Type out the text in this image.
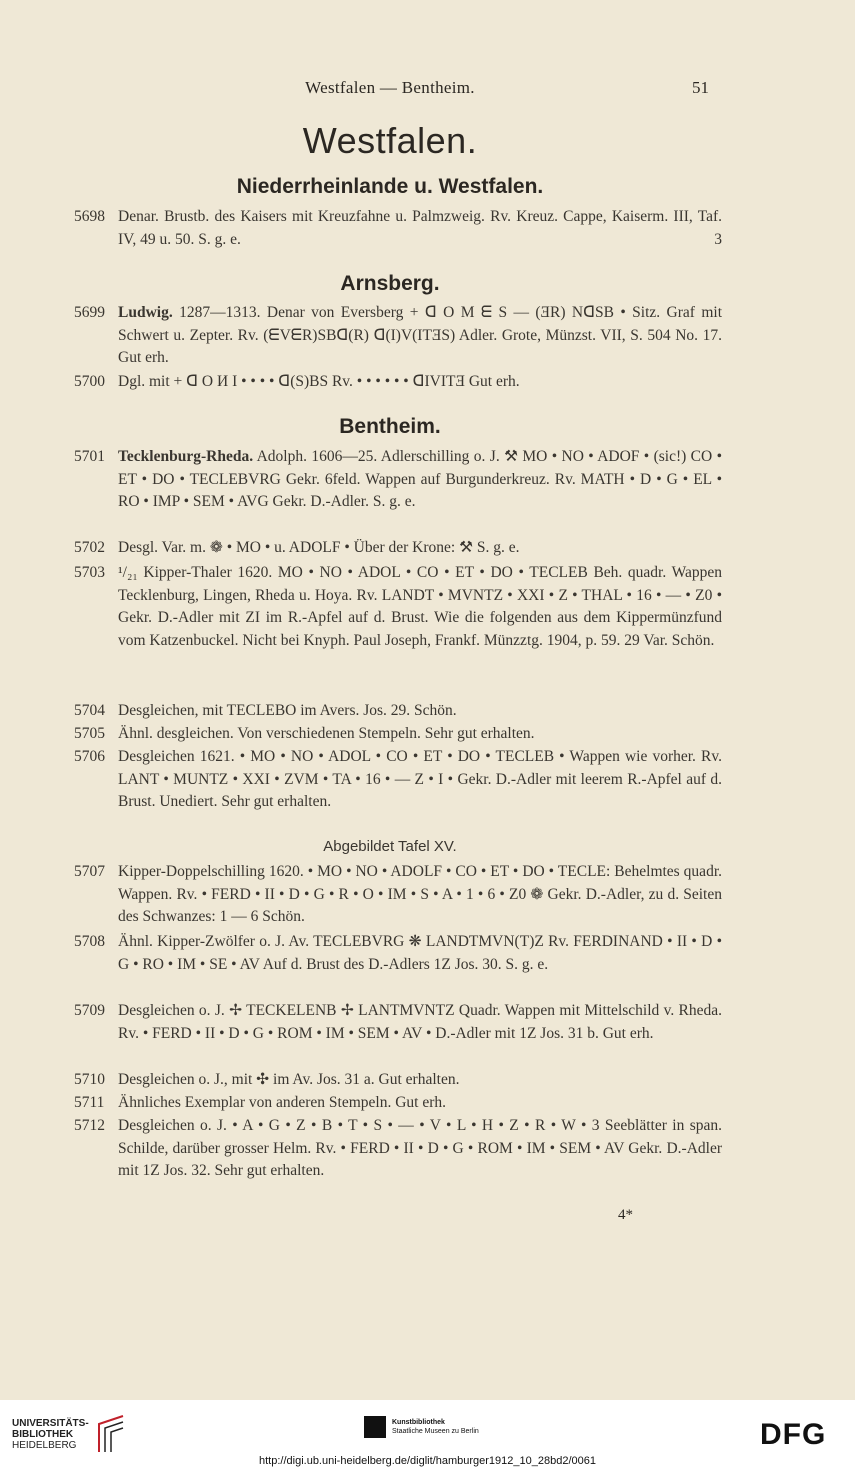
Westfalen — Bentheim.	51
Westfalen.
Niederrheinlande u. Westfalen.
5698 Denar. Brustb. des Kaisers mit Kreuzfahne u. Palmzweig. Rv. Kreuz. Cappe, Kaiserm. III, Taf. IV, 49 u. 50. S. g. e.	3
Arnsberg.
5699 Ludwig. 1287—1313. Denar von Eversberg + ᗡ O M ᗴ S — (ƎR) NᗡSB • Sitz. Graf mit Schwert u. Zepter. Rv. (ᗴVᗴR)SBᗡ(R) ᗡ(I)V(ITƎS) Adler. Grote, Münzst. VII, S. 504 No. 17. Gut erh.
5700 Dgl. mit + ᗡ O И I • • • • ᗡ(S)BS Rv. • • • • • • ᗡIVITƎ Gut erh.
Bentheim.
5701 Tecklenburg-Rheda. Adolph. 1606—25. Adlerschilling o. J. ⚒ MO • NO • ADOF • (sic!) CO • ET • DO • TECLEBVRG Gekr. 6feld. Wappen auf Burgunderkreuz. Rv. MATH • D • G • EL • RO • IMP • SEM • AVG Gekr. D.-Adler. S. g. e.
5702 Desgl. Var. m. ❁ • MO • u. ADOLF • Über der Krone: ⚒ S. g. e.
5703 ¹/₂₁ Kipper-Thaler 1620. MO • NO • ADOL • CO • ET • DO • TECLEB Beh. quadr. Wappen Tecklenburg, Lingen, Rheda u. Hoya. Rv. LANDT • MVNTZ • XXI • Z • THAL • 16 • — • Z0 • Gekr. D.-Adler mit ZI im R.-Apfel auf d. Brust. Wie die folgenden aus dem Kippermünzfund vom Katzenbuckel. Nicht bei Knyph. Paul Joseph, Frankf. Münzztg. 1904, p. 59. 29 Var. Schön.
5704 Desgleichen, mit TECLEBO im Avers. Jos. 29. Schön.
5705 Ähnl. desgleichen. Von verschiedenen Stempeln. Sehr gut erhalten.
5706 Desgleichen 1621. • MO • NO • ADOL • CO • ET • DO • TECLEB • Wappen wie vorher. Rv. LANT • MUNTZ • XXI • ZVM • TA • 16 • — Z • I • Gekr. D.-Adler mit leerem R.-Apfel auf d. Brust. Unediert. Sehr gut erhalten.
Abgebildet Tafel XV.
5707 Kipper-Doppelschilling 1620. • MO • NO • ADOLF • CO • ET • DO • TECLE: Behelmtes quadr. Wappen. Rv. • FERD • II • D • G • R • O • IM • S • A • 1 • 6 • Z0 ❁ Gekr. D.-Adler, zu d. Seiten des Schwanzes: 1 — 6 Schön.
5708 Ähnl. Kipper-Zwölfer o. J. Av. TECLEBVRG ❋ LANDTMVN(T)Z Rv. FERDINAND • II • D • G • RO • IM • SE • AV Auf d. Brust des D.-Adlers 1Z Jos. 30. S. g. e.
5709 Desgleichen o. J. ✢ TECKELENB ✢ LANTMVNTZ Quadr. Wappen mit Mittelschild v. Rheda. Rv. • FERD • II • D • G • ROM • IM • SEM • AV • D.-Adler mit 1Z Jos. 31 b. Gut erh.
5710 Desgleichen o. J., mit ✣ im Av. Jos. 31 a. Gut erhalten.
5711 Ähnliches Exemplar von anderen Stempeln. Gut erh.
5712 Desgleichen o. J. • A • G • Z • B • T • S • — • V • L • H • Z • R • W • 3 Seeblätter in span. Schilde, darüber grosser Helm. Rv. • FERD • II • D • G • ROM • IM • SEM • AV Gekr. D.-Adler mit 1Z Jos. 32. Sehr gut erhalten.
4*
UNIVERSITÄTS-
BIBLIOTHEK
HEIDELBERG
Kunstbibliothek
Staatliche Museen zu Berlin	DFG
http://digi.ub.uni-heidelberg.de/diglit/hamburger1912_10_28bd2/0061
